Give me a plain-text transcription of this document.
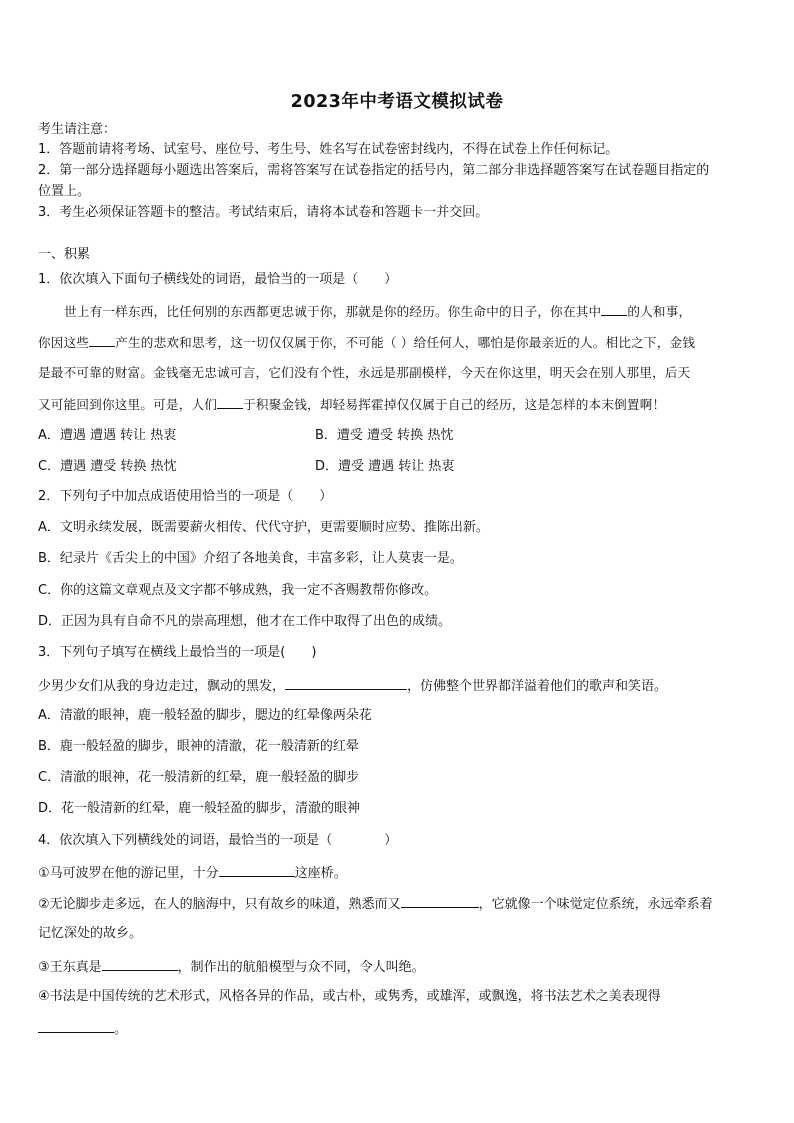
2023年中考语文模拟试卷
考生请注意：
1．答题前请将考场、试室号、座位号、考生号、姓名写在试卷密封线内，不得在试卷上作任何标记。
2．第一部分选择题每小题选出答案后，需将答案写在试卷指定的括号内，第二部分非选择题答案写在试卷题目指定的
位置上。
3．考生必须保证答题卡的整洁。考试结束后，请将本试卷和答题卡一并交回。
一、积累
1．依次填入下面句子横线处的词语，最恰当的一项是（　　）
世上有一样东西，比任何别的东西都更忠诚于你，那就是你的经历。你生命中的日子，你在其中 的人和事，
你因这些 产生的悲欢和思考，这一切仅仅属于你，不可能（ ）给任何人，哪怕是你最亲近的人。相比之下，金钱
是最不可靠的财富。金钱毫无忠诚可言，它们没有个性，永远是那副模样，今天在你这里，明天会在别人那里，后天
又可能回到你这里。可是，人们 于积聚金钱，却轻易挥霍掉仅仅属于自己的经历，这是怎样的本末倒置啊！
A．遭遇 遭遇 转让 热衷	B．遭受 遭受 转换 热忱
C．遭遇 遭受 转换 热忱	D．遭受 遭遇 转让 热衷
2．下列句子中加点成语使用恰当的一项是（　　）
A．文明永续发展，既需要薪火相传、代代守护，更需要顺时应势、推陈出新。
B．纪录片《舌尖上的中国》介绍了各地美食，丰富多彩，让人莫衷一是。
C．你的这篇文章观点及文字都不够成熟，我一定不吝赐教帮你修改。
D．正因为具有自命不凡的崇高理想，他才在工作中取得了出色的成绩。
3．下列句子填写在横线上最恰当的一项是(　　)
少男少女们从我的身边走过，飘动的黑发，	，仿佛整个世界都洋溢着他们的歌声和笑语。
A．清澈的眼神，鹿一般轻盈的脚步，腮边的红晕像两朵花
B．鹿一般轻盈的脚步，眼神的清澈，花一般清新的红晕
C．清澈的眼神，花一般清新的红晕，鹿一般轻盈的脚步
D．花一般清新的红晕，鹿一般轻盈的脚步，清澈的眼神
4．依次填入下列横线处的词语，最恰当的一项是（　　　　）
①马可波罗在他的游记里，十分	这座桥。
②无论脚步走多远，在人的脑海中，只有故乡的味道，熟悉而又	，它就像一个味觉定位系统，永远牵系着
记忆深处的故乡。
③王东真是	，制作出的航船模型与众不同，令人叫绝。
④书法是中国传统的艺术形式，风格各异的作品，或古朴，或隽秀，或雄浑，或飘逸，将书法艺术之美表现得
。
